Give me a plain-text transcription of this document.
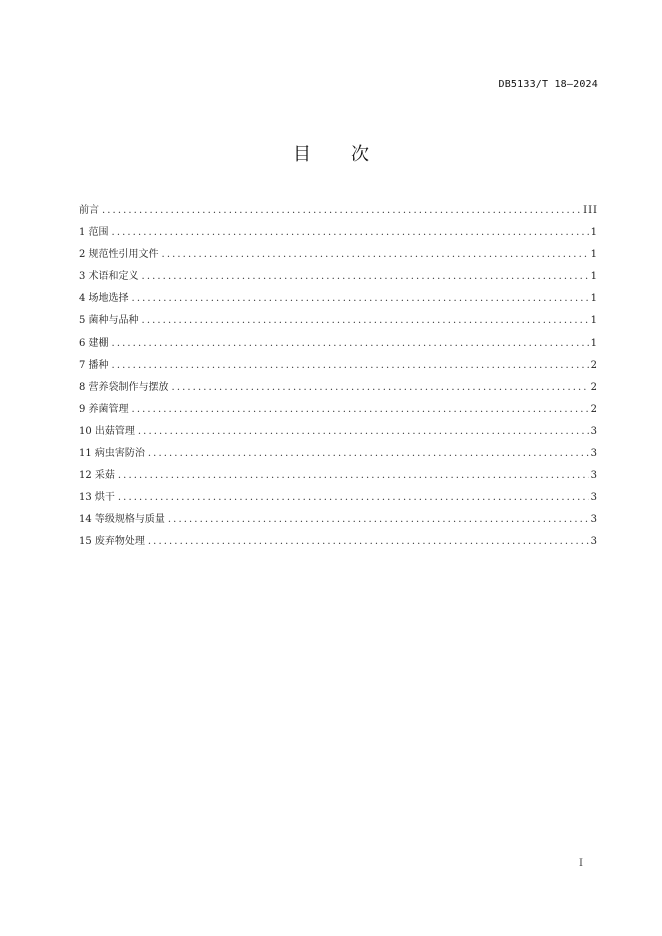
DB5133/T 18—2024
目 次
前言 .....	III
1 范围 .....	1
2 规范性引用文件 .....	1
3 术语和定义 .....	1
4 场地选择 .....	1
5 菌种与品种 .....	1
6 建棚 .....	1
7 播种 .....	2
8 营养袋制作与摆放 .....	2
9 养菌管理 .....	2
10 出菇管理 .....	3
11 病虫害防治 .....	3
12 采菇 .....	3
13 烘干 .....	3
14 等级规格与质量 .....	3
15 废弃物处理 .....	3
I
